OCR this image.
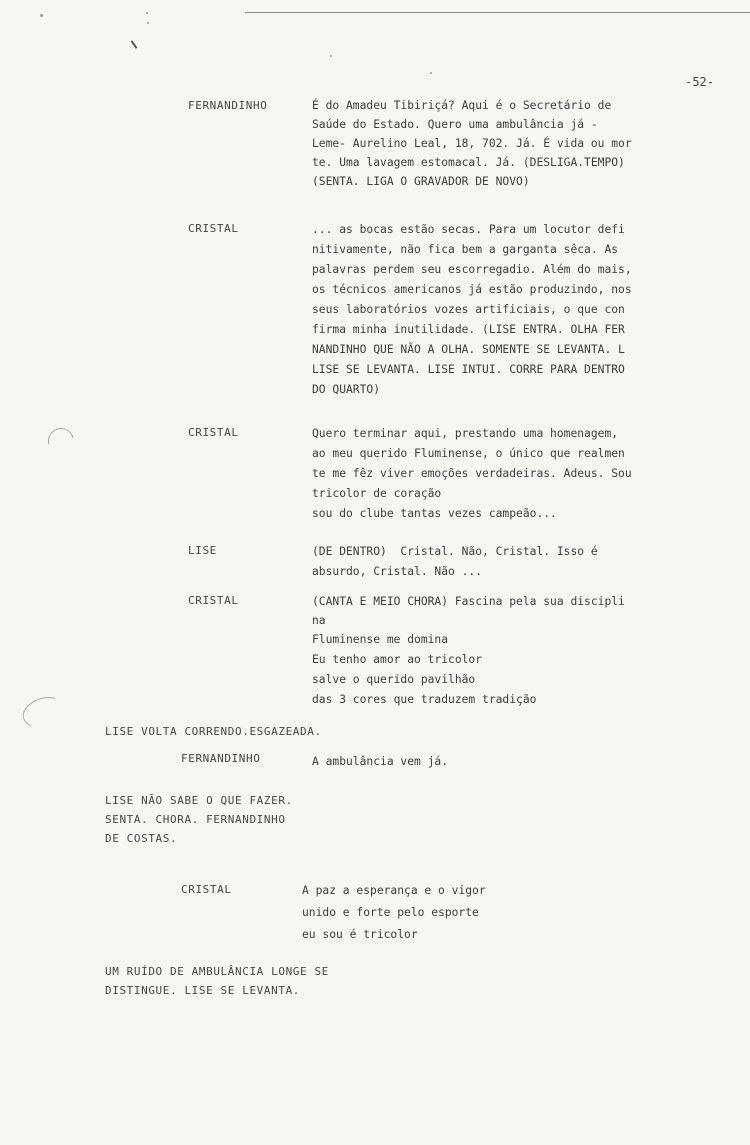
-52-
FERNANDINHO	É do Amadeu Tibiriçá? Aqui é o Secretário de
Saúde do Estado. Quero uma ambulância já -
Leme- Aurelino Leal, 18, 702. Já. É vida ou mor
te. Uma lavagem estomacal. Já. (DESLIGA.TEMPO)
(SENTA. LIGA O GRAVADOR DE NOVO)
CRISTAL	... as bocas estão secas. Para um locutor defi
nitivamente, não fica bem a garganta sêca. As
palavras perdem seu escorregadio. Além do mais,
os técnicos americanos já estão produzindo, nos
seus laboratórios vozes artificiais, o que con
firma minha inutilidade. (LISE ENTRA. OLHA FER
NANDINHO QUE NÃO A OLHA. SOMENTE SE LEVANTA. L
LISE SE LEVANTA. LISE INTUI. CORRE PARA DENTRO
DO QUARTO)
CRISTAL	Quero terminar aqui, prestando uma homenagem,
ao meu querido Fluminense, o único que realmen
te me fêz viver emoções verdadeiras. Adeus. Sou
tricolor de coração
sou do clube tantas vezes campeão...
LISE	(DE DENTRO)  Cristal. Não, Cristal. Isso é
absurdo, Cristal. Não ...
CRISTAL	(CANTA E MEIO CHORA) Fascina pela sua discipli
na
Fluminense me domina
Eu tenho amor ao tricolor
salve o querido pavilhão
das 3 cores que traduzem tradição
LISE VOLTA CORRENDO.ESGAZEADA.
FERNANDINHO	A ambulância vem já.
LISE NÃO SABE O QUE FAZER.
SENTA. CHORA. FERNANDINHO
DE COSTAS.
CRISTAL	A paz a esperança e o vigor
unido e forte pelo esporte
eu sou é tricolor
UM RUÍDO DE AMBULÂNCIA LONGE SE
DISTINGUE. LISE SE LEVANTA.
